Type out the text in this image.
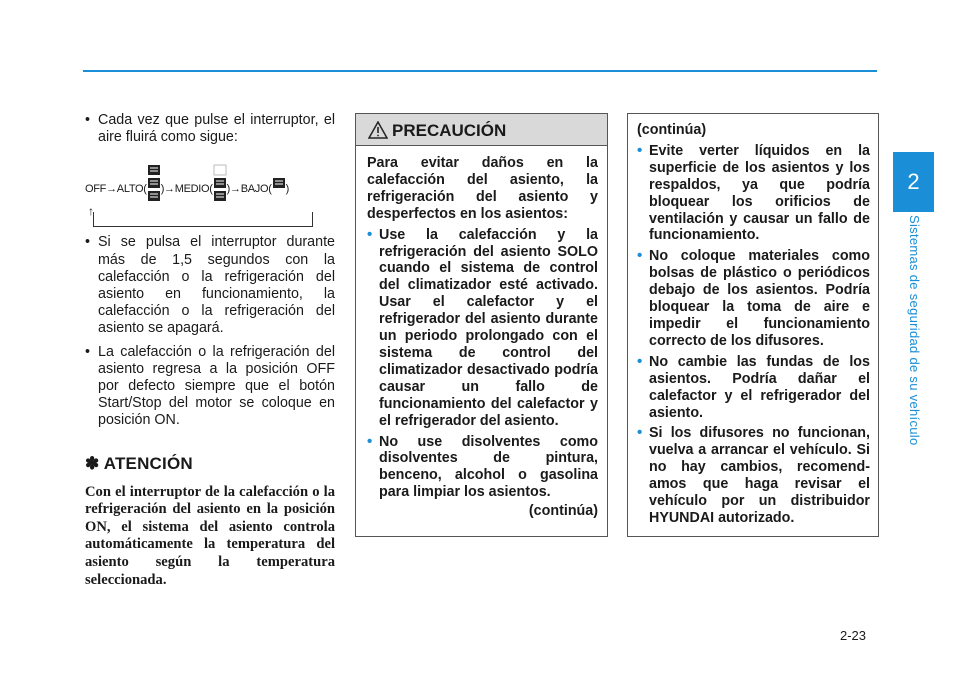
2
Sistemas de seguridad de su vehículo
• Cada vez que pulse el interruptor, el aire fluirá como sigue:
OFF→ALTO( )→MEDIO( )→BAJO( )
↑
• Si se pulsa el interruptor durante más de 1,5 segundos con la calefacción o la refrigeración del asiento en funcionamiento, la calefacción o la refrigeración del asiento se apagará.
• La calefacción o la refrigeración del asiento regresa a la posición OFF por defecto siempre que el botón Start/Stop del motor se coloque en posición ON.
✽ ATENCIÓN
Con el interruptor de la calefacción o la refrigeración del asiento en la posición ON, el sistema del asiento controla automáticamente la temperatura del asiento según la temperatura seleccionada.
PRECAUCIÓN
Para evitar daños en la calefacción del asiento, la refrigeración del asiento y desperfectos en los asientos:
• Use la calefacción y la refrigeración del asiento SOLO cuando el sistema de control del climatizador esté activado. Usar el calefactor y el refrigerador del asiento durante un periodo prolongado con el sistema de control del climatizador desactivado podría causar un fallo de funcionamiento del calefactor y el refrigerador del asiento.
• No use disolventes como disolventes de pintura, benceno, alcohol o gasolina para limpiar los asientos.
(continúa)
(continúa)
• Evite verter líquidos en la superficie de los asientos y los respaldos, ya que podría bloquear los orificios de ventilación y causar un fallo de funcionamiento.
• No coloque materiales como bolsas de plástico o periódicos debajo de los asientos. Podría bloquear la toma de aire e impedir el funcionamiento correcto de los difusores.
• No cambie las fundas de los asientos. Podría dañar el calefactor y el refrigerador del asiento.
• Si los difusores no funcionan, vuelva a arrancar el vehículo. Si no hay cambios, recomend-amos que haga revisar el vehículo por un distribuidor HYUNDAI autorizado.
2-23
